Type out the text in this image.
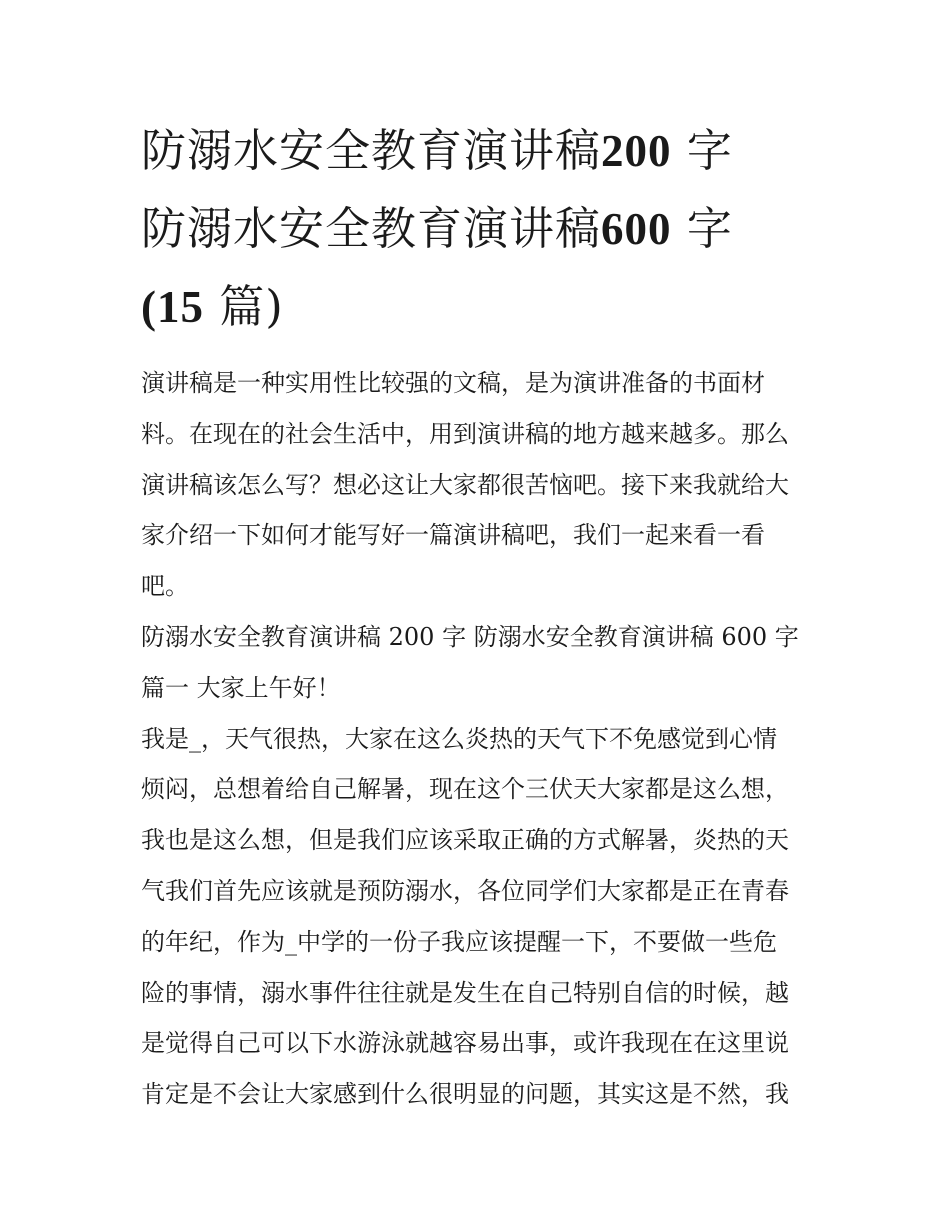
防溺水安全教育演讲稿200 字
防溺水安全教育演讲稿600 字
(15 篇)

演讲稿是一种实用性比较强的文稿，是为演讲准备的书面材

料。在现在的社会生活中，用到演讲稿的地方越来越多。那么

演讲稿该怎么写？想必这让大家都很苦恼吧。接下来我就给大

家介绍一下如何才能写好一篇演讲稿吧，我们一起来看一看

吧。

防溺水安全教育演讲稿 200 字 防溺水安全教育演讲稿 600 字

篇一 大家上午好！

我是_，天气很热，大家在这么炎热的天气下不免感觉到心情

烦闷，总想着给自己解暑，现在这个三伏天大家都是这么想，

我也是这么想，但是我们应该采取正确的方式解暑，炎热的天

气我们首先应该就是预防溺水，各位同学们大家都是正在青春

的年纪，作为_中学的一份子我应该提醒一下，不要做一些危

险的事情，溺水事件往往就是发生在自己特别自信的时候，越

是觉得自己可以下水游泳就越容易出事，或许我现在在这里说

肯定是不会让大家感到什么很明显的问题，其实这是不然，我
